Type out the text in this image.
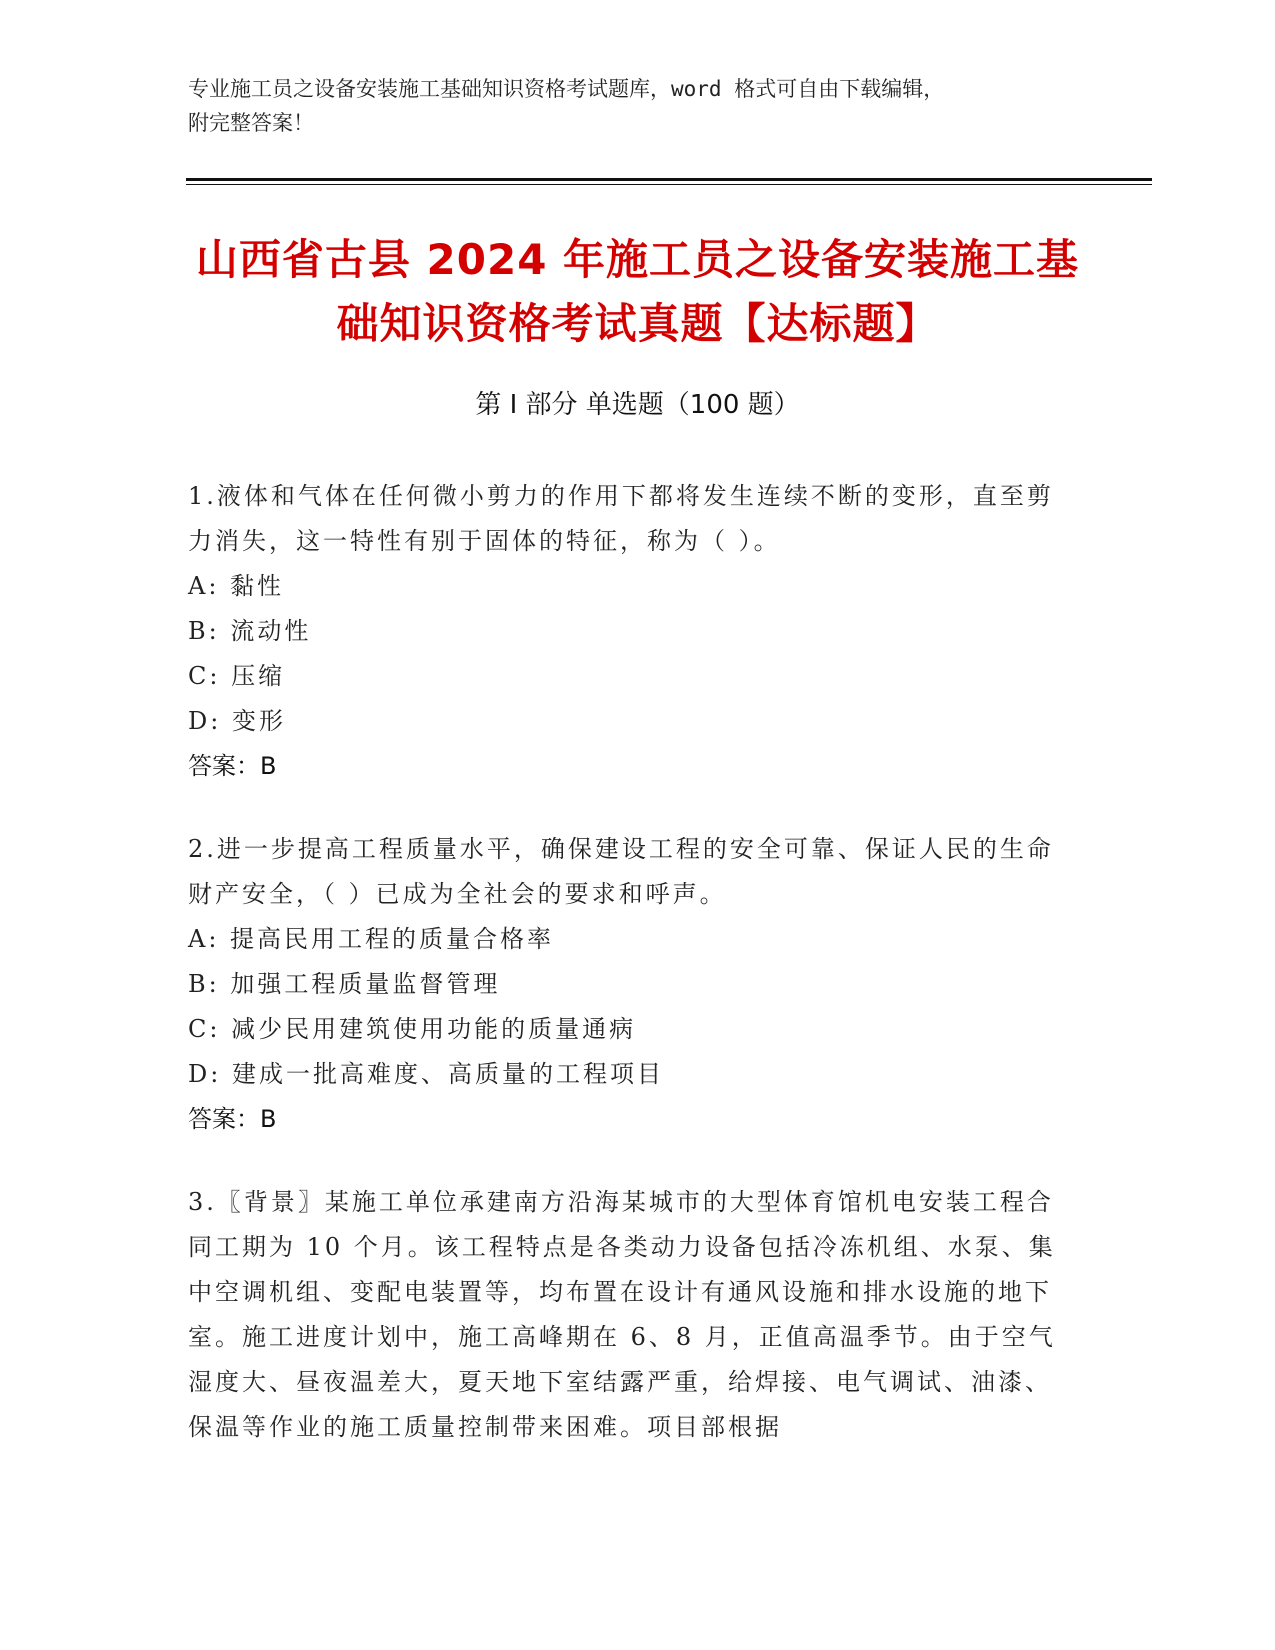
专业施工员之设备安装施工基础知识资格考试题库，word 格式可自由下载编辑，
附完整答案！
山西省古县 2024 年施工员之设备安装施工基
础知识资格考试真题【达标题】
第 I 部分 单选题（100 题）

1.液体和气体在任何微小剪力的作用下都将发生连续不断的变形，直至剪力消失，这一特性有别于固体的特征，称为（ ）。

A: 黏性

B: 流动性

C: 压缩

D: 变形

答案：B

2.进一步提高工程质量水平，确保建设工程的安全可靠、保证人民的生命财产安全，（ ）已成为全社会的要求和呼声。

A: 提高民用工程的质量合格率

B: 加强工程质量监督管理

C: 减少民用建筑使用功能的质量通病

D: 建成一批高难度、高质量的工程项目

答案：B

3.〖背景〗某施工单位承建南方沿海某城市的大型体育馆机电安装工程合同工期为 10 个月。该工程特点是各类动力设备包括冷冻机组、水泵、集中空调机组、变配电装置等，均布置在设计有通风设施和排水设施的地下室。施工进度计划中，施工高峰期在 6、8 月，正值高温季节。由于空气湿度大、昼夜温差大，夏天地下室结露严重，给焊接、电气调试、油漆、保温等作业的施工质量控制带来困难。项目部根据
